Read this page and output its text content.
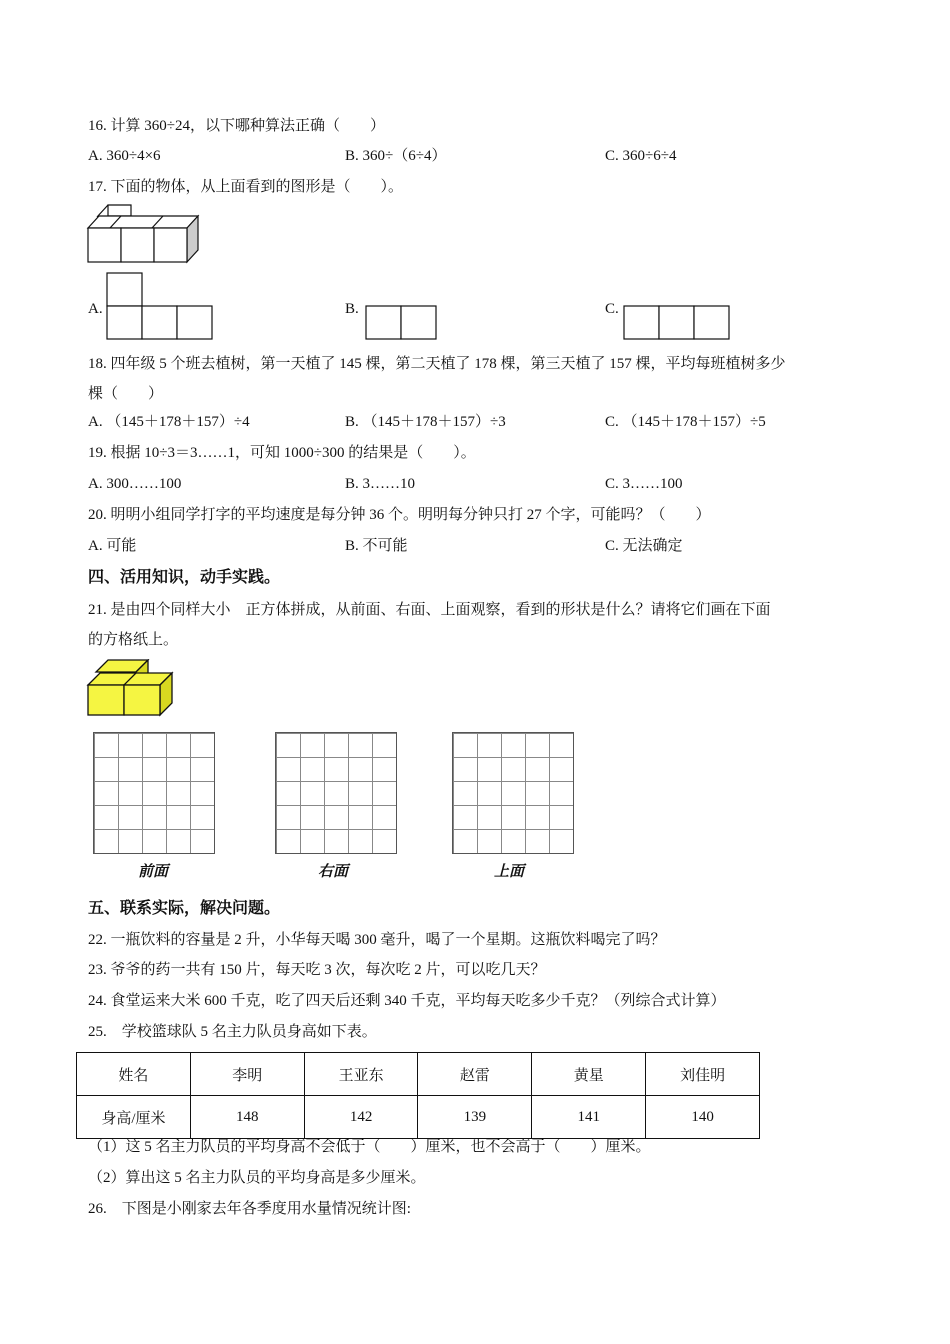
16. 计算 360÷24，以下哪种算法正确（　　）
A. 360÷4×6	B. 360÷（6÷4）	C. 360÷6÷4
17. 下面的物体，从上面看到的图形是（　　）。
A.	B.	C.
18. 四年级 5 个班去植树，第一天植了 145 棵，第二天植了 178 棵，第三天植了 157 棵，平均每班植树多少
棵（　　）
A. （145＋178＋157）÷4	B. （145＋178＋157）÷3	C. （145＋178＋157）÷5
19. 根据 10÷3＝3……1，可知 1000÷300 的结果是（　　）。
A. 300……100	B. 3……10	C. 3……100
20. 明明小组同学打字的平均速度是每分钟 36 个。明明每分钟只打 27 个字，可能吗？（　　）
A. 可能	B. 不可能	C. 无法确定
四、活用知识，动手实践。
21. 是由四个同样大小　正方体拼成，从前面、右面、上面观察，看到的形状是什么？请将它们画在下面
的方格纸上。
前面	右面	上面
五、联系实际，解决问题。
22. 一瓶饮料的容量是 2 升，小华每天喝 300 毫升，喝了一个星期。这瓶饮料喝完了吗？
23. 爷爷的药一共有 150 片，每天吃 3 次，每次吃 2 片，可以吃几天？
24. 食堂运来大米 600 千克，吃了四天后还剩 340 千克，平均每天吃多少千克？（列综合式计算）
25.　学校篮球队 5 名主力队员身高如下表。
姓名	李明	王亚东	赵雷	黄星	刘佳明
身高/厘米	148	142	139	141	140
（1）这 5 名主力队员的平均身高不会低于（　　）厘米，也不会高于（　　）厘米。
（2）算出这 5 名主力队员的平均身高是多少厘米。
26.　下图是小刚家去年各季度用水量情况统计图:
